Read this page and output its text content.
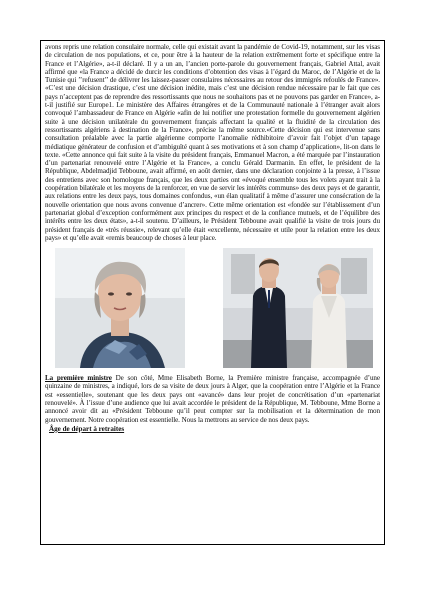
avons repris une relation consulaire normale, celle qui existait avant la pandémie de Covid-19, notamment, sur les visas de circulation de nos populations, et ce, pour être à la hauteur de la relation extrêmement forte et spécifique entre la France et l’Algérie», a-t-il déclaré. Il y a un an, l’ancien porte-parole du gouvernement français, Gabriel Attal, avait affirmé que «la France a décidé de durcir les conditions d’obtention des visas à l’égard du Maroc, de l’Algérie et de la Tunisie qui ’’refusent’’ de délivrer les laissez-passer consulaires nécessaires au retour des immigrés refoulés de France». «C’est une décision drastique, c’est une décision inédite, mais c’est une décision rendue nécessaire par le fait que ces pays n’acceptent pas de reprendre des ressortissants que nous ne souhaitons pas et ne pouvons pas garder en France», a-t-il justifié sur Europe1. Le ministère des Affaires étrangères et de la Communauté nationale à l’étranger avait alors convoqué l’ambassadeur de France en Algérie «afin de lui notifier une protestation formelle du gouvernement algérien suite à une décision unilatérale du gouvernement français affectant la qualité et la fluidité de la circulation des ressortissants algériens à destination de la France», précise la même source.«Cette décision qui est intervenue sans consultation préalable avec la partie algérienne comporte l’anomalie rédhibitoire d’avoir fait l’objet d’un tapage médiatique générateur de confusion et d’ambiguïté quant à ses motivations et à son champ d’application», lit-on dans le texte. «Cette annonce qui fait suite à la visite du président français, Emmanuel Macron, a été marquée par l’instauration d’un partenariat renouvelé entre l’Algérie et la France», a conclu Gérald Darmanin. En effet, le président de la République, Abdelmadjid Tebboune, avait affirmé, en août dernier, dans une déclaration conjointe à la presse, à l’issue des entretiens avec son homologue français, que les deux parties ont «évoqué ensemble tous les volets ayant trait à la coopération bilatérale et les moyens de la renforcer, en vue de servir les intérêts communs» des deux pays et de garantir, aux relations entre les deux pays, tous domaines confondus, «un élan qualitatif à même d’assurer une consécration de la nouvelle orientation que nous avons convenue d’ancrer». Cette même orientation est «fondée sur l’établissement d’un partenariat global d’exception conformément aux principes du respect et de la confiance mutuels, et de l’équilibre des intérêts entre les deux états», a-t-il soutenu. D’ailleurs, le Président Tebboune avait qualifié la visite de trois jours du président français de «très réussie», relevant qu’elle était «excellente, nécessaire et utile pour la relation entre les deux pays» et qu’elle avait «remis beaucoup de choses à leur place.

La première ministre De son côté, Mme Elisabeth Borne, la Première ministre française, accompagnée d’une quinzaine de ministres, a indiqué, lors de sa visite de deux jours à Alger, que la coopération entre l’Algérie et la France est «essentielle», soutenant que les deux pays ont «avancé» dans leur projet de concrétisation d’un «partenariat renouvelé». À l’issue d’une audience que lui avait accordée le président de la République, M. Tebboune, Mme Borne a annoncé avoir dit au «Président Tebboune qu’il peut compter sur la mobilisation et la détermination de mon gouvernement. Notre coopération est essentielle. Nous la mettrons au service de nos deux pays.

Âge de départ à retraites
